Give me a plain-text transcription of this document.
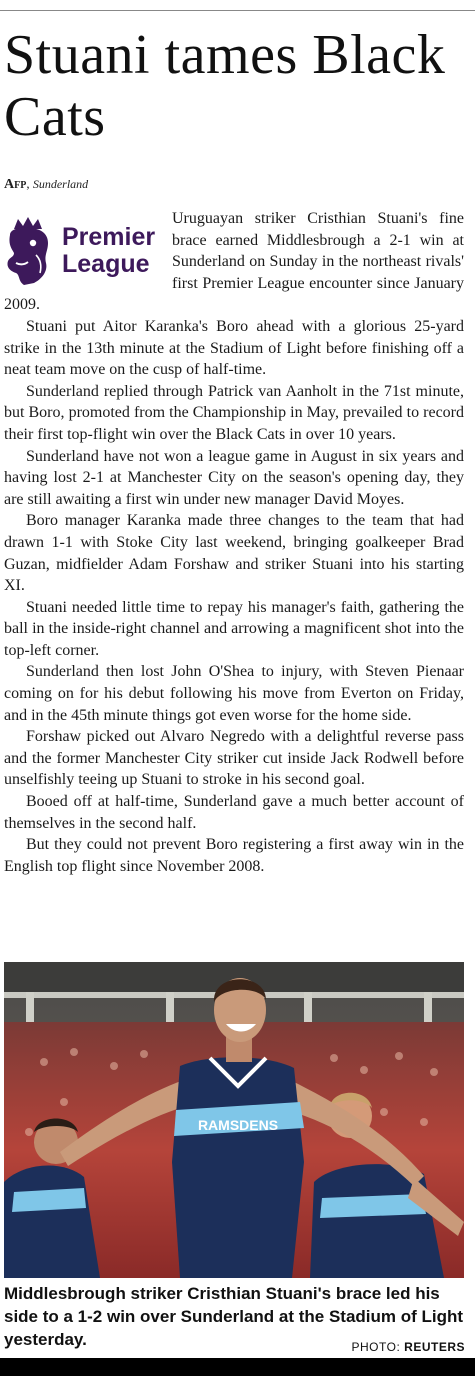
Stuani tames Black Cats
Afp, Sunderland
Premier
League

Uruguayan striker Cristhian Stuani's fine brace earned Middlesbrough a 2-1 win at Sunderland on Sunday in the northeast rivals' first Premier League encounter since January 2009.

Stuani put Aitor Karanka's Boro ahead with a glorious 25-yard strike in the 13th minute at the Stadium of Light before finishing off a neat team move on the cusp of half-time.

Sunderland replied through Patrick van Aanholt in the 71st minute, but Boro, promoted from the Championship in May, prevailed to record their first top-flight win over the Black Cats in over 10 years.

Sunderland have not won a league game in August in six years and having lost 2-1 at Manchester City on the season's opening day, they are still awaiting a first win under new manager David Moyes.

Boro manager Karanka made three changes to the team that had drawn 1-1 with Stoke City last weekend, bringing goalkeeper Brad Guzan, midfielder Adam Forshaw and striker Stuani into his starting XI.

Stuani needed little time to repay his manager's faith, gathering the ball in the inside-right channel and arrowing a magnificent shot into the top-left corner.

Sunderland then lost John O'Shea to injury, with Steven Pienaar coming on for his debut following his move from Everton on Friday, and in the 45th minute things got even worse for the home side.

Forshaw picked out Alvaro Negredo with a delightful reverse pass and the former Manchester City striker cut inside Jack Rodwell before unselfishly teeing up Stuani to stroke in his second goal.

Booed off at half-time, Sunderland gave a much better account of themselves in the second half.

But they could not prevent Boro registering a first away win in the English top flight since November 2008.

RAMSDENS
Middlesbrough striker Cristhian Stuani's brace led his side to a 1-2 win over Sunderland at the Stadium of Light yesterday.	PHOTO: REUTERS
